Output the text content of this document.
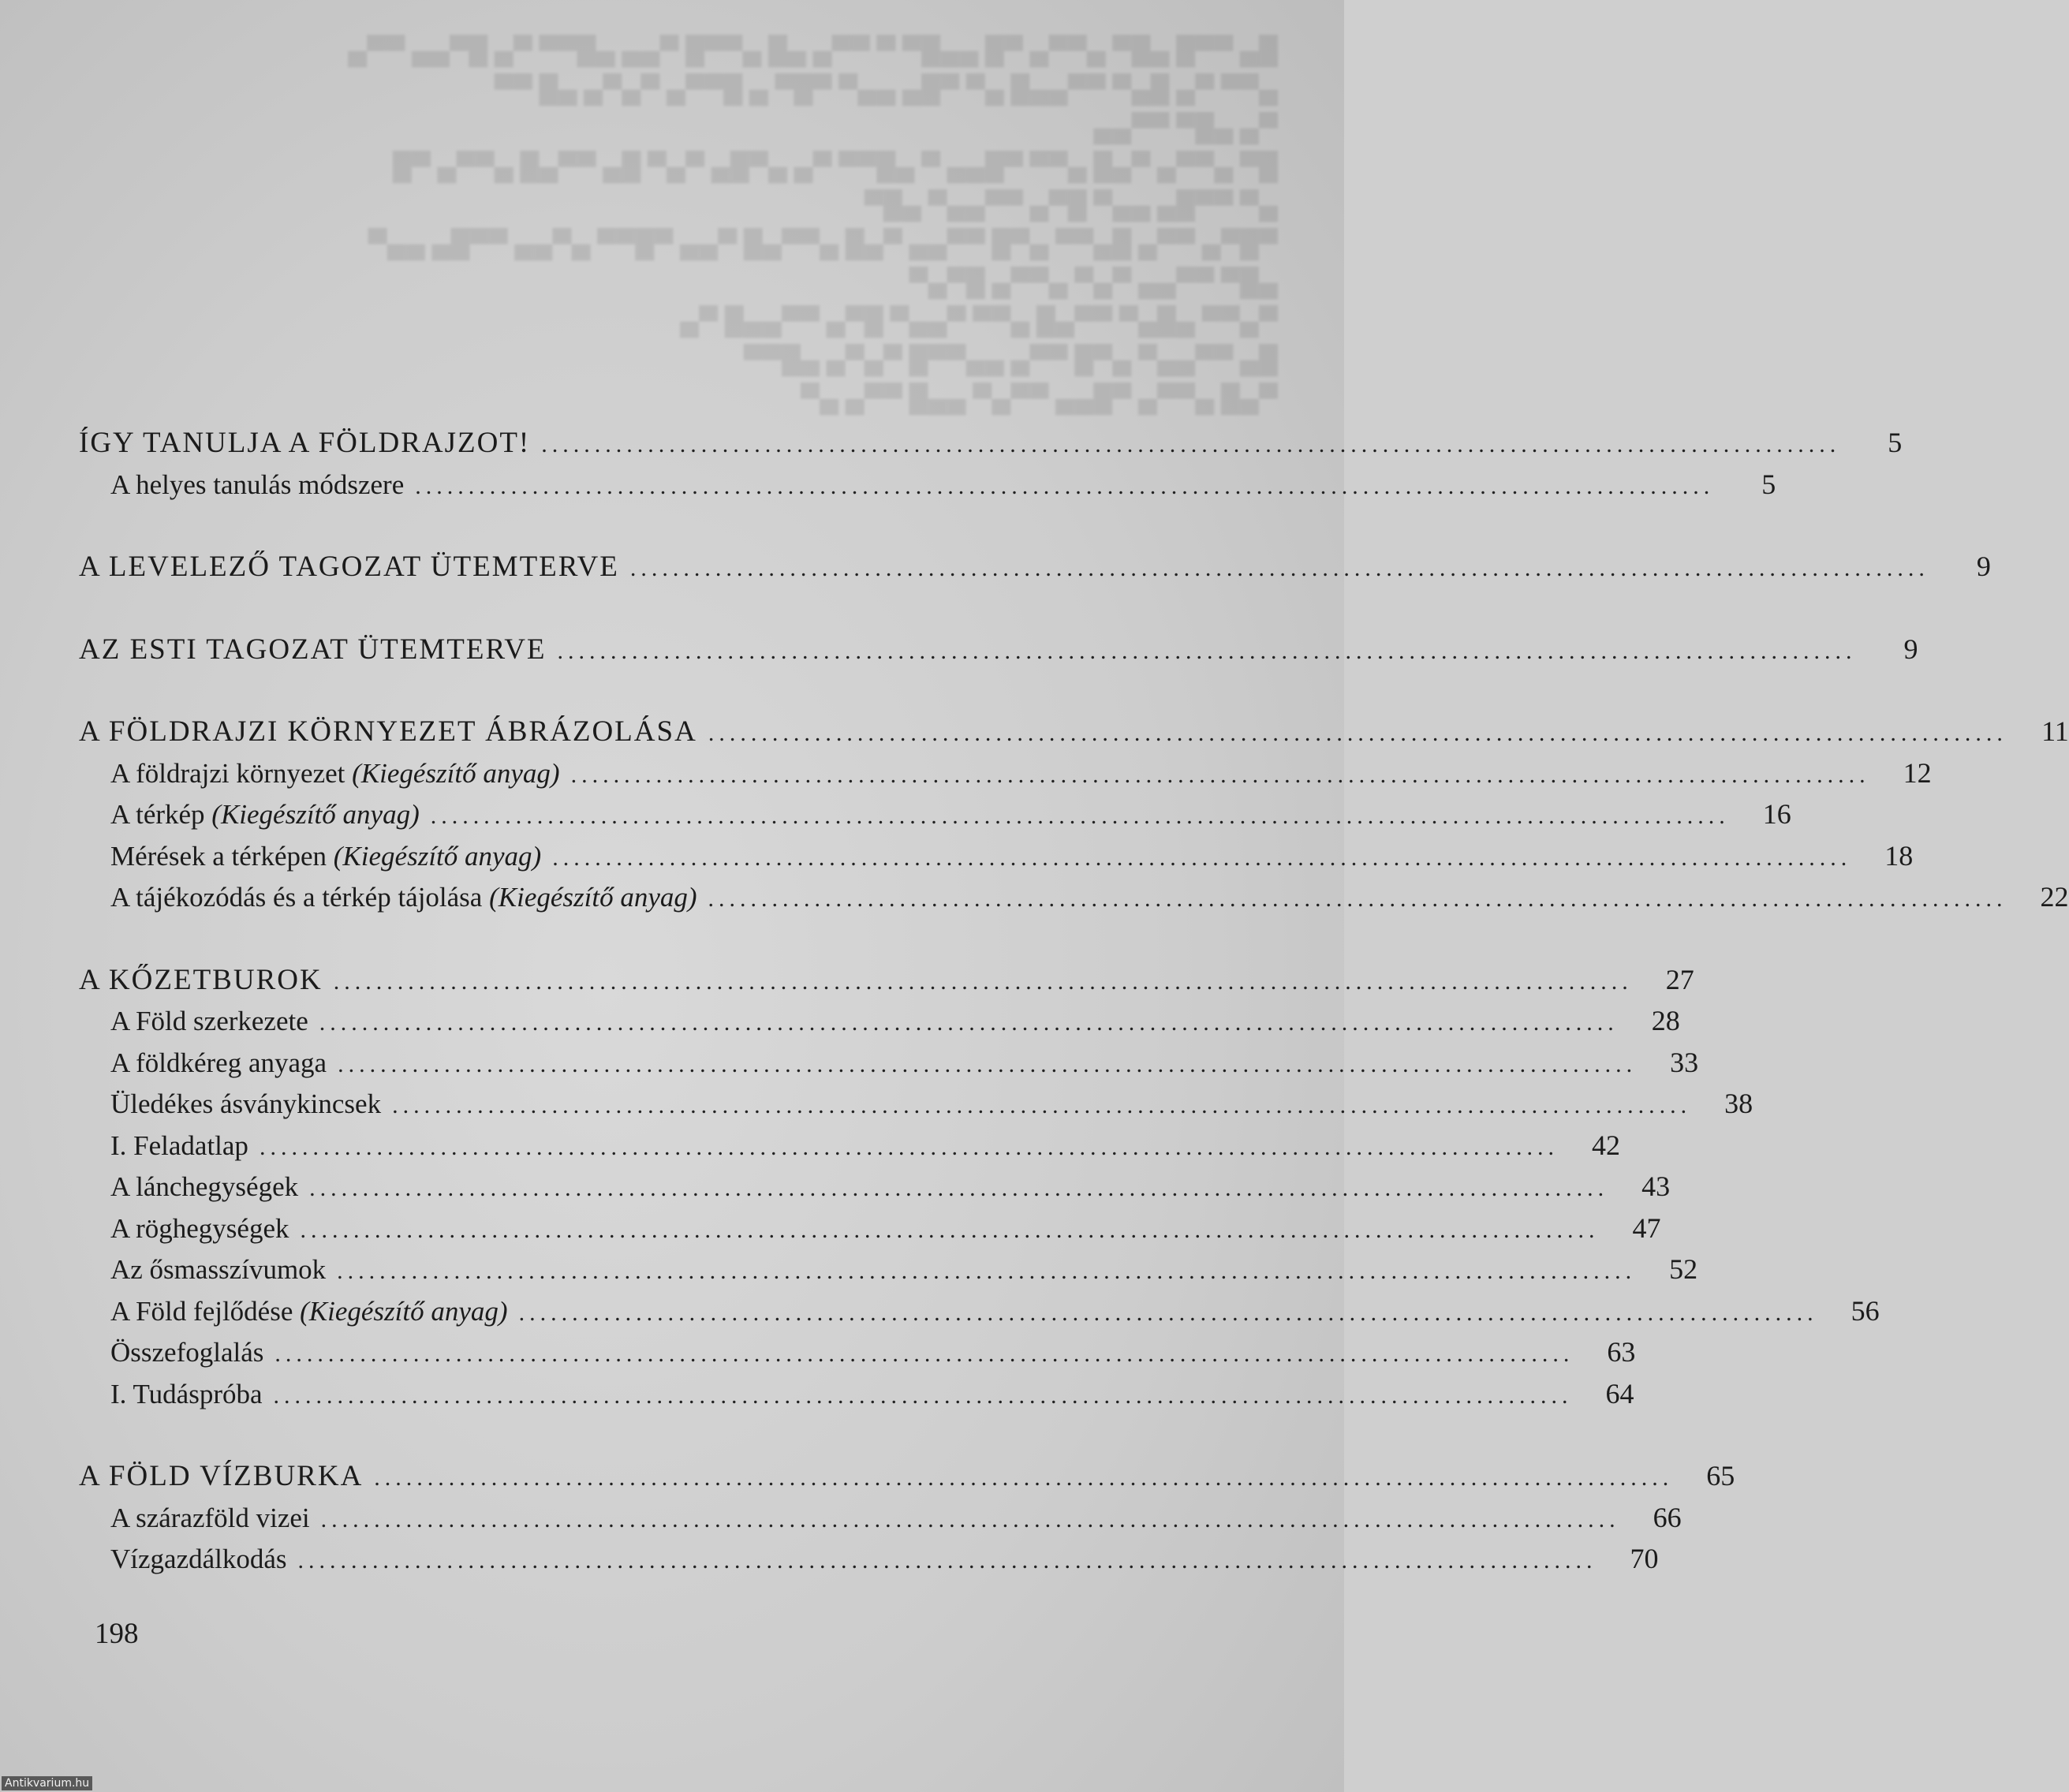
█▄ ▀▀█ ▄█▀ ▄▀▀▄ ▀█ ▄▄█▀ ▀ ▀▀▄ ▄█ ▄▀▀█ ▀▄▄ ▄█▀▀ ▀▄ █▀▄▄ ▀▀▄
▄▀▀ ▀▄ █▄▀ ▀▀▄▄█ ▄▀ ▀█▄ ▄▄▀ ▀█▀ ▄ █▀▀▄ ▀▄▀▄ ▄█ ▀▀
▀▄ ▄█▀ ▀▀▄▄
█▀ ▄▀▀▄ ▀▄█ ▄▀▀ ▀█▄▄ ▀ ▄█▀▀ ▀▄ ▄▀█▄ ▀▄▀ █▄ ▀▀▄█ ▄▀▀▄ ▀█
▄▀ ▀▀█▄ ▄▄▀ █▀▄ ▀▀▄▄▀ ▄█▀
▀█▀▄ ▀▀▄ █▄▀▀ ▄▀█ ▀▀▄▄ ▀▄█ ▄▀▀▄█ ▀▄▄ ▀█▀▀ ▄▀▄▄ ▀▀█▄ ▄▄▀
▄█▀ ▀▀▄▄ ▀▄▀ ▄▀▀▄ █▀▄▀
▀▄▀▀ ▄█▄▀ ▀▀▄█ ▄▀▀ ▀▄▄▀ █▀▄ ▀▀▄▄█ ▀▄
█▄ ▀▀▄▄▀ ▄▀█ ▀▀▄ ▄▄▀▀█ ▀▄▀▄ ▄█▀▀
▀▄█ ▄▀▀▄ ▀█▄▄ ▀▀▄▀ ▄▄█ ▀▀▄ ▄▀
ÍGY TANULJA A FÖLDRAJZOT! ..........................................................................................................................	5
A helyes tanulás módszere ..........................................................................................................................	5
A LEVELEZŐ TAGOZAT ÜTEMTERVE ..........................................................................................................................	9
AZ ESTI TAGOZAT ÜTEMTERVE ..........................................................................................................................	9
A FÖLDRAJZI KÖRNYEZET ÁBRÁZOLÁSA ..........................................................................................................................	11
A földrajzi környezet (Kiegészítő anyag) ..........................................................................................................................	12
A térkép (Kiegészítő anyag) ..........................................................................................................................	16
Mérések a térképen (Kiegészítő anyag) ..........................................................................................................................	18
A tájékozódás és a térkép tájolása (Kiegészítő anyag) ..........................................................................................................................	22
A KŐZETBUROK ..........................................................................................................................	27
A Föld szerkezete ..........................................................................................................................	28
A földkéreg anyaga ..........................................................................................................................	33
Üledékes ásványkincsek ..........................................................................................................................	38
I. Feladatlap ..........................................................................................................................	42
A lánchegységek ..........................................................................................................................	43
A röghegységek ..........................................................................................................................	47
Az ősmasszívumok ..........................................................................................................................	52
A Föld fejlődése (Kiegészítő anyag) ..........................................................................................................................	56
Összefoglalás ..........................................................................................................................	63
I. Tudáspróba ..........................................................................................................................	64
A FÖLD VÍZBURKA ..........................................................................................................................	65
A szárazföld vizei ..........................................................................................................................	66
Vízgazdálkodás ..........................................................................................................................	70
198
Antikvarium.hu
